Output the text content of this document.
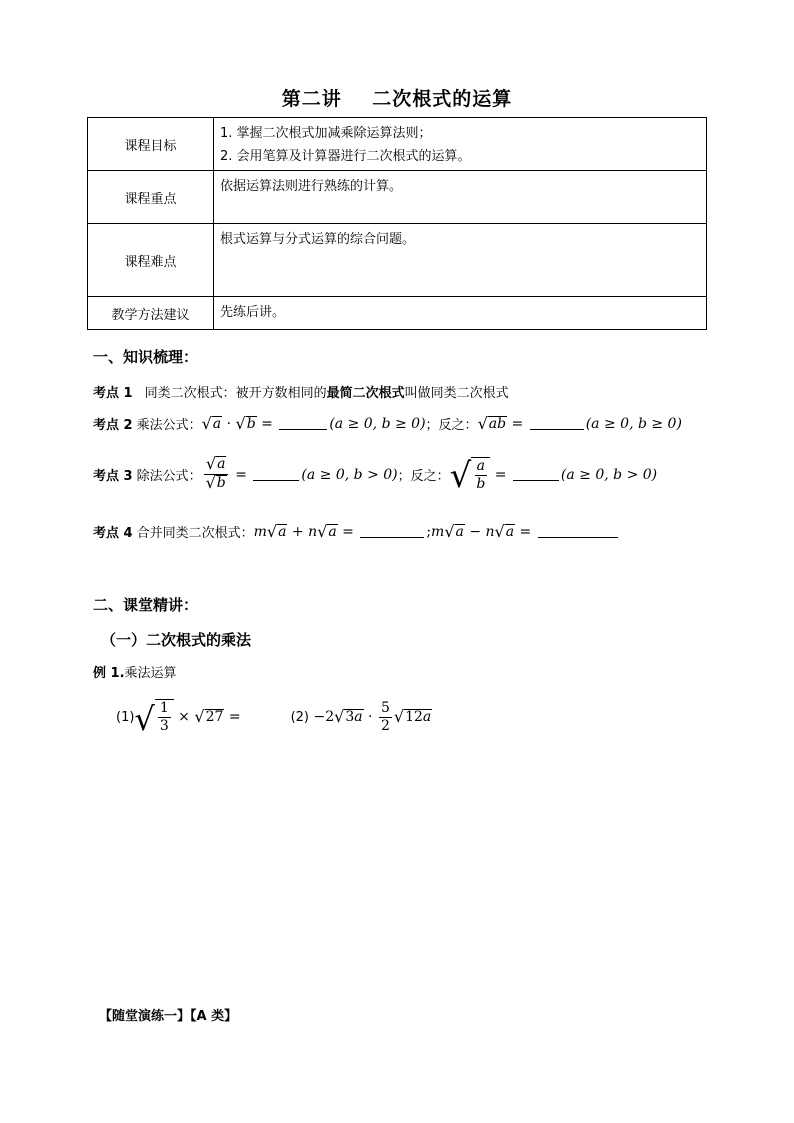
第二讲    二次根式的运算
课程目标	1. 掌握二次根式加减乘除运算法则；
2. 会用笔算及计算器进行二次根式的运算。

课程重点	依据运算法则进行熟练的计算。
课程难点	根式运算与分式运算的综合问题。
教学方法建议	先练后讲。
一、知识梳理：
考点 1 同类二次根式：被开方数相同的 最简二次根式 叫做同类二次根式
考点 2 乘法公式： √ a · √ b =	(a ≥ 0, b ≥ 0) ；反之： √ ab =	(a ≥ 0, b ≥ 0)
考点 3 除法公式： $\frac{√ a}{√ b}$ =	(a ≥ 0, b > 0) ；反之： √ $\frac{a}{b}$ =	(a ≥ 0, b > 0)
考点 4 合并同类二次根式： m √ a + n √ a =	; m √ a − n √ a =
二、课堂精讲：
（一）二次根式的乘法
例 1. 乘法运算
(1) √ $\frac{1}{3}$ × √ 27 =	(2) −2 √ $3a \cdot \frac{5}{2}$ √ 12a
【随堂演练一】【A 类】
